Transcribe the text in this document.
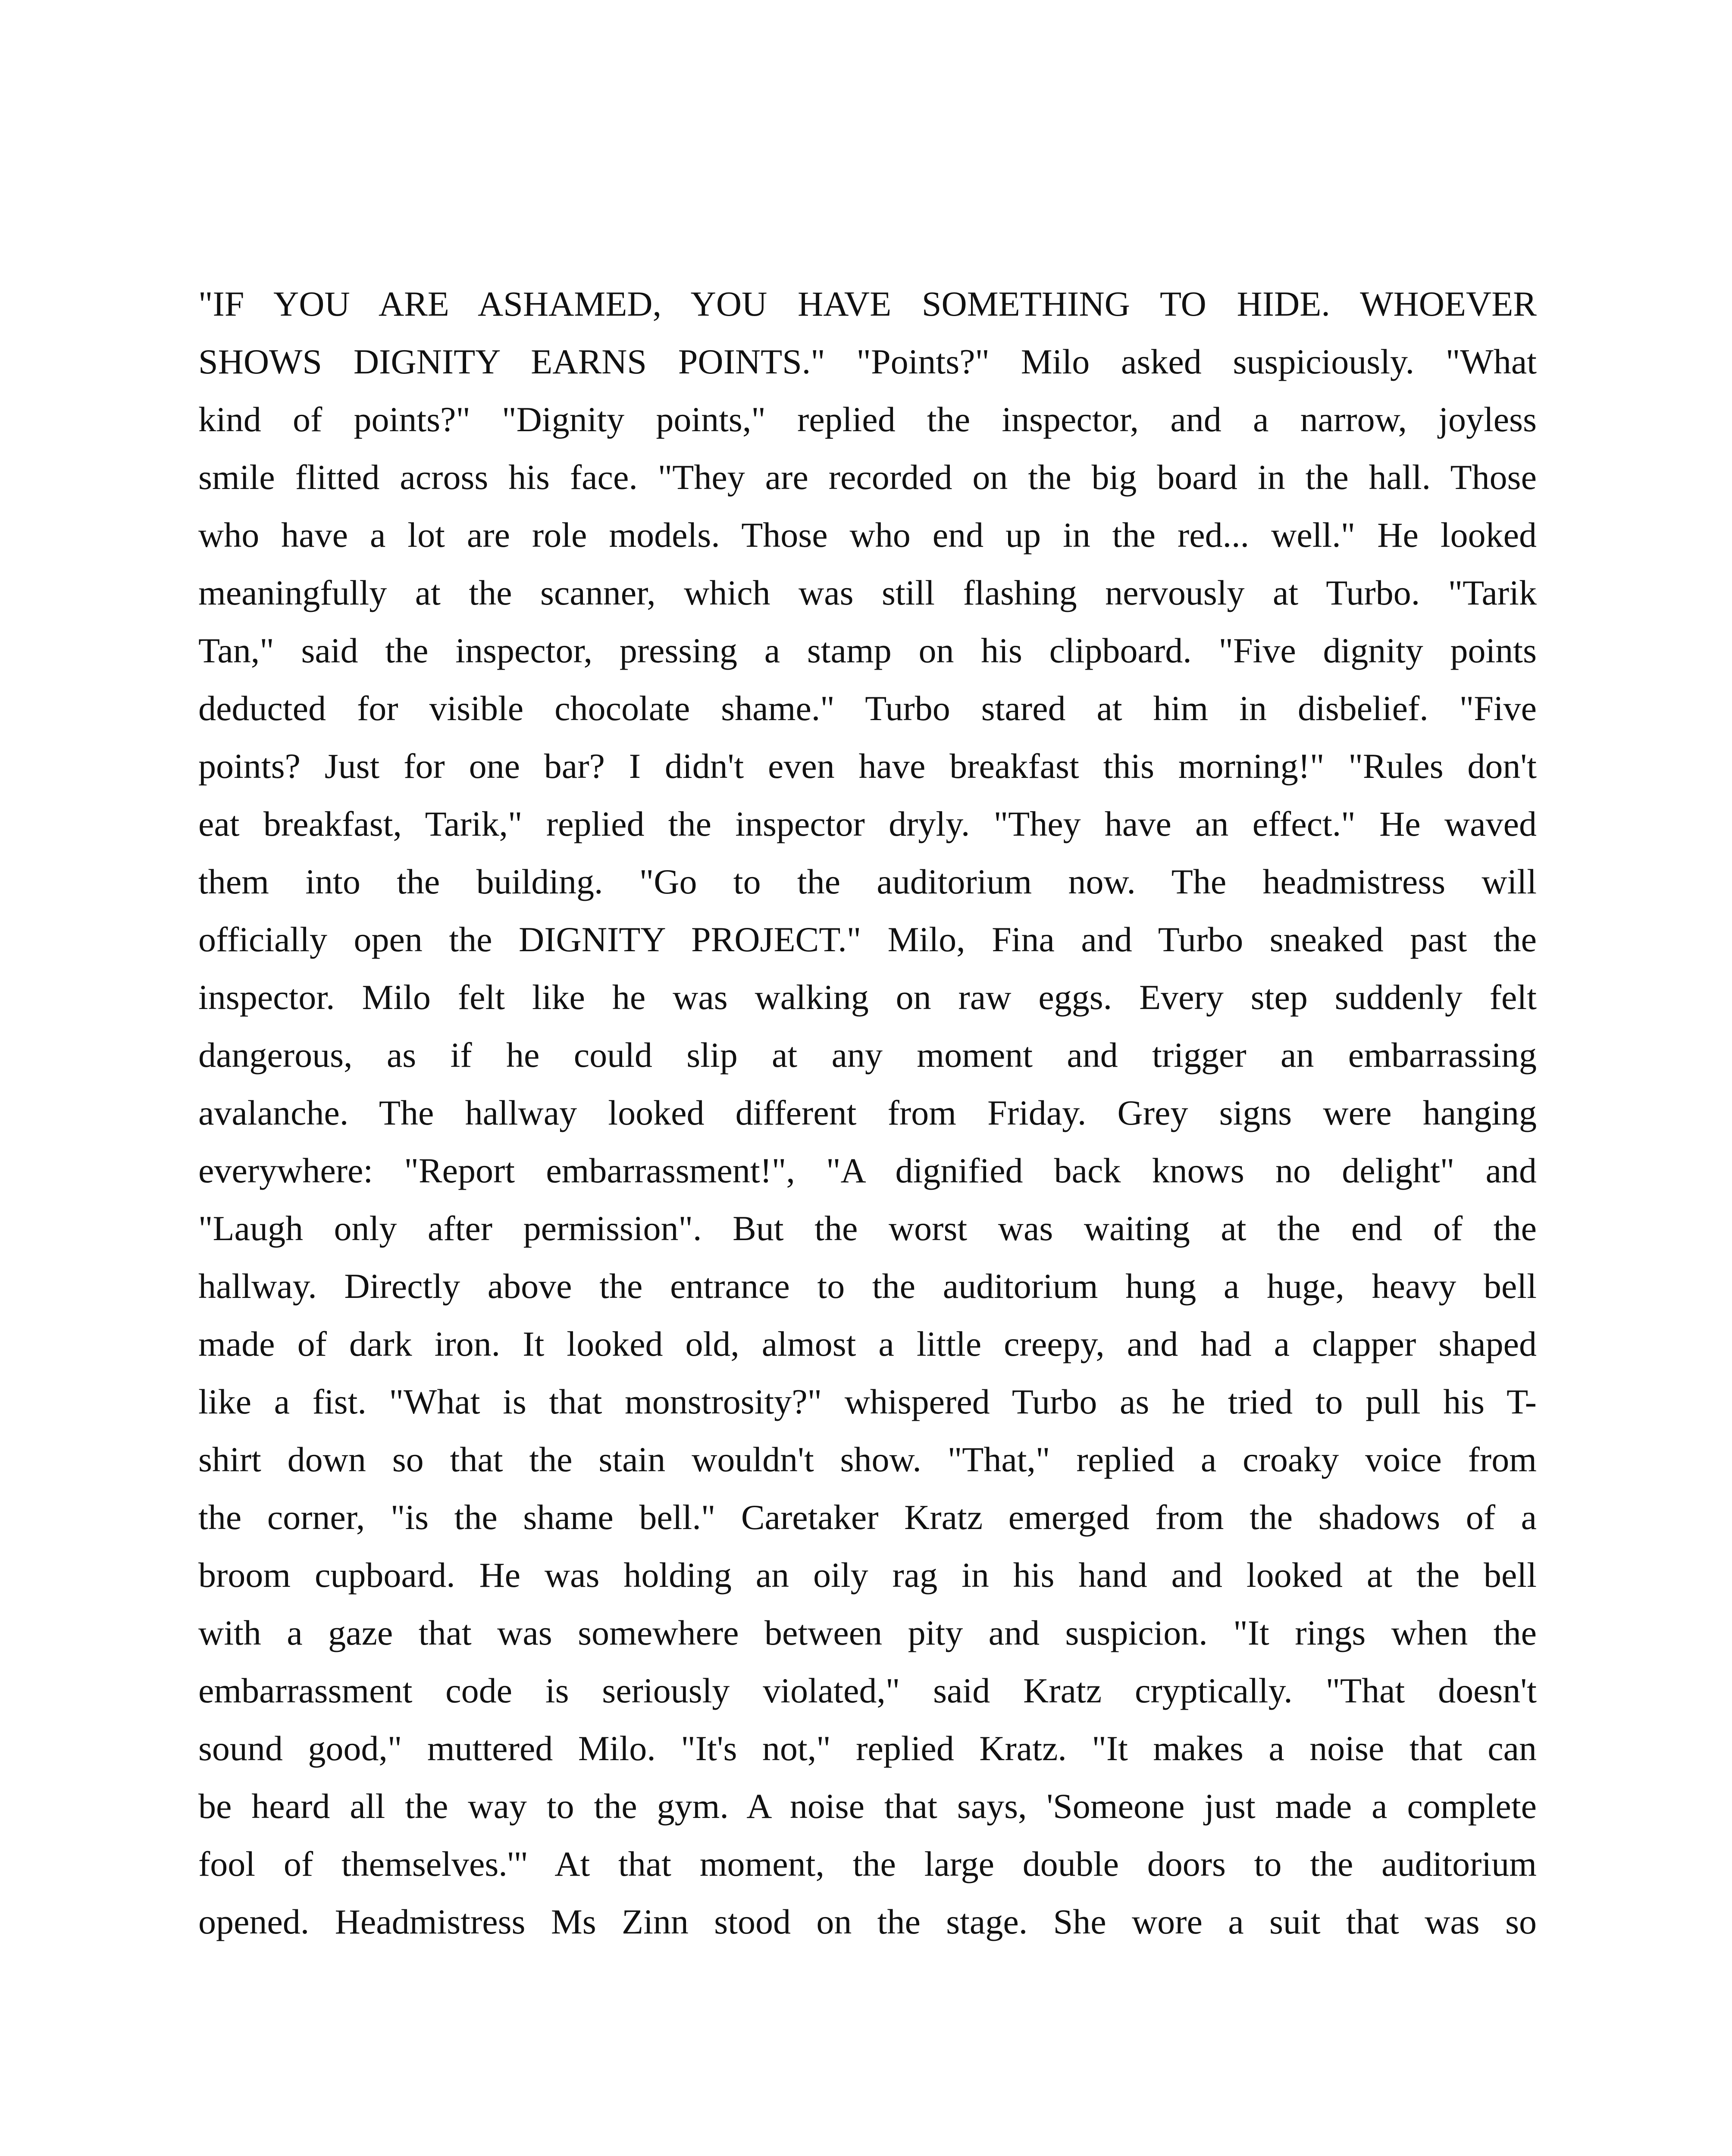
"IF YOU ARE ASHAMED, YOU HAVE SOMETHING TO HIDE. WHOEVER
SHOWS DIGNITY EARNS POINTS." "Points?" Milo asked suspiciously. "What
kind of points?" "Dignity points," replied the inspector, and a narrow, joyless
smile flitted across his face. "They are recorded on the big board in the hall. Those
who have a lot are role models. Those who end up in the red... well." He looked
meaningfully at the scanner, which was still flashing nervously at Turbo. "Tarik
Tan," said the inspector, pressing a stamp on his clipboard. "Five dignity points
deducted for visible chocolate shame." Turbo stared at him in disbelief. "Five
points? Just for one bar? I didn't even have breakfast this morning!" "Rules don't
eat breakfast, Tarik," replied the inspector dryly. "They have an effect." He waved
them into the building. "Go to the auditorium now. The headmistress will
officially open the DIGNITY PROJECT." Milo, Fina and Turbo sneaked past the
inspector. Milo felt like he was walking on raw eggs. Every step suddenly felt
dangerous, as if he could slip at any moment and trigger an embarrassing
avalanche. The hallway looked different from Friday. Grey signs were hanging
everywhere: "Report embarrassment!", "A dignified back knows no delight" and
"Laugh only after permission". But the worst was waiting at the end of the
hallway. Directly above the entrance to the auditorium hung a huge, heavy bell
made of dark iron. It looked old, almost a little creepy, and had a clapper shaped
like a fist. "What is that monstrosity?" whispered Turbo as he tried to pull his T-
shirt down so that the stain wouldn't show. "That," replied a croaky voice from
the corner, "is the shame bell." Caretaker Kratz emerged from the shadows of a
broom cupboard. He was holding an oily rag in his hand and looked at the bell
with a gaze that was somewhere between pity and suspicion. "It rings when the
embarrassment code is seriously violated," said Kratz cryptically. "That doesn't
sound good," muttered Milo. "It's not," replied Kratz. "It makes a noise that can
be heard all the way to the gym. A noise that says, 'Someone just made a complete
fool of themselves.'" At that moment, the large double doors to the auditorium
opened. Headmistress Ms Zinn stood on the stage. She wore a suit that was so
